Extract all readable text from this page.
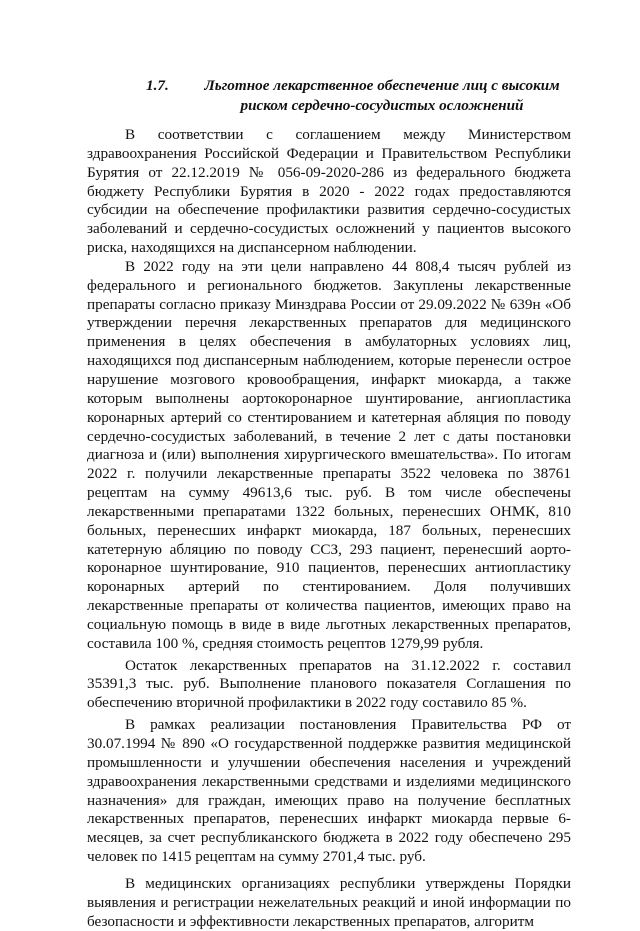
1.7.	Льготное лекарственное обеспечение лиц с высоким риском сердечно-сосудистых осложнений

В соответствии с соглашением между Министерством здравоохранения Российской Федерации и Правительством Республики Бурятия от 22.12.2019 № 056-09-2020-286 из федерального бюджета бюджету Республики Бурятия в 2020 - 2022 годах предоставляются субсидии на обеспечение профилактики развития сердечно-сосудистых заболеваний и сердечно-сосудистых осложнений у пациентов высокого риска, находящихся на диспансерном наблюдении.

В 2022 году на эти цели направлено 44 808,4 тысяч рублей из федерального и регионального бюджетов. Закуплены лекарственные препараты согласно приказу Минздрава России от 29.09.2022 № 639н «Об утверждении перечня лекарственных препаратов для медицинского применения в целях обеспечения в амбулаторных условиях лиц, находящихся под диспансерным наблюдением, которые перенесли острое нарушение мозгового кровообращения, инфаркт миокарда, а также которым выполнены аортокоронарное шунтирование, ангиопластика коронарных артерий со стентированием и катетерная абляция по поводу сердечно-сосудистых заболеваний, в течение 2 лет с даты постановки диагноза и (или) выполнения хирургического вмешательства». По итогам 2022 г. получили лекарственные препараты 3522 человека по 38761 рецептам на сумму 49613,6 тыс. руб. В том числе обеспечены лекарственными препаратами 1322 больных, перенесших ОНМК, 810 больных, перенесших инфаркт миокарда, 187 больных, перенесших катетерную абляцию по поводу ССЗ, 293 пациент, перенесший аорто-коронарное шунтирование, 910 пациентов, перенесших антиопластику коронарных артерий по стентированием. Доля получивших лекарственные препараты от количества пациентов, имеющих право на социальную помощь в виде в виде льготных лекарственных препаратов, составила 100 %, средняя стоимость рецептов 1279,99 рубля.

Остаток лекарственных препаратов на 31.12.2022 г. составил 35391,3 тыс. руб. Выполнение планового показателя Соглашения по обеспечению вторичной профилактики в 2022 году составило 85 %.

В рамках реализации постановления Правительства РФ от 30.07.1994 № 890 «О государственной поддержке развития медицинской промышленности и улучшении обеспечения населения и учреждений здравоохранения лекарственными средствами и изделиями медицинского назначения» для граждан, имеющих право на получение бесплатных лекарственных препаратов, перенесших инфаркт миокарда первые 6-месяцев, за счет республиканского бюджета в 2022 году обеспечено 295 человек по 1415 рецептам на сумму 2701,4 тыс. руб.

В медицинских организациях республики утверждены Порядки выявления и регистрации нежелательных реакций и иной информации по безопасности и эффективности лекарственных препаратов, алгоритм
